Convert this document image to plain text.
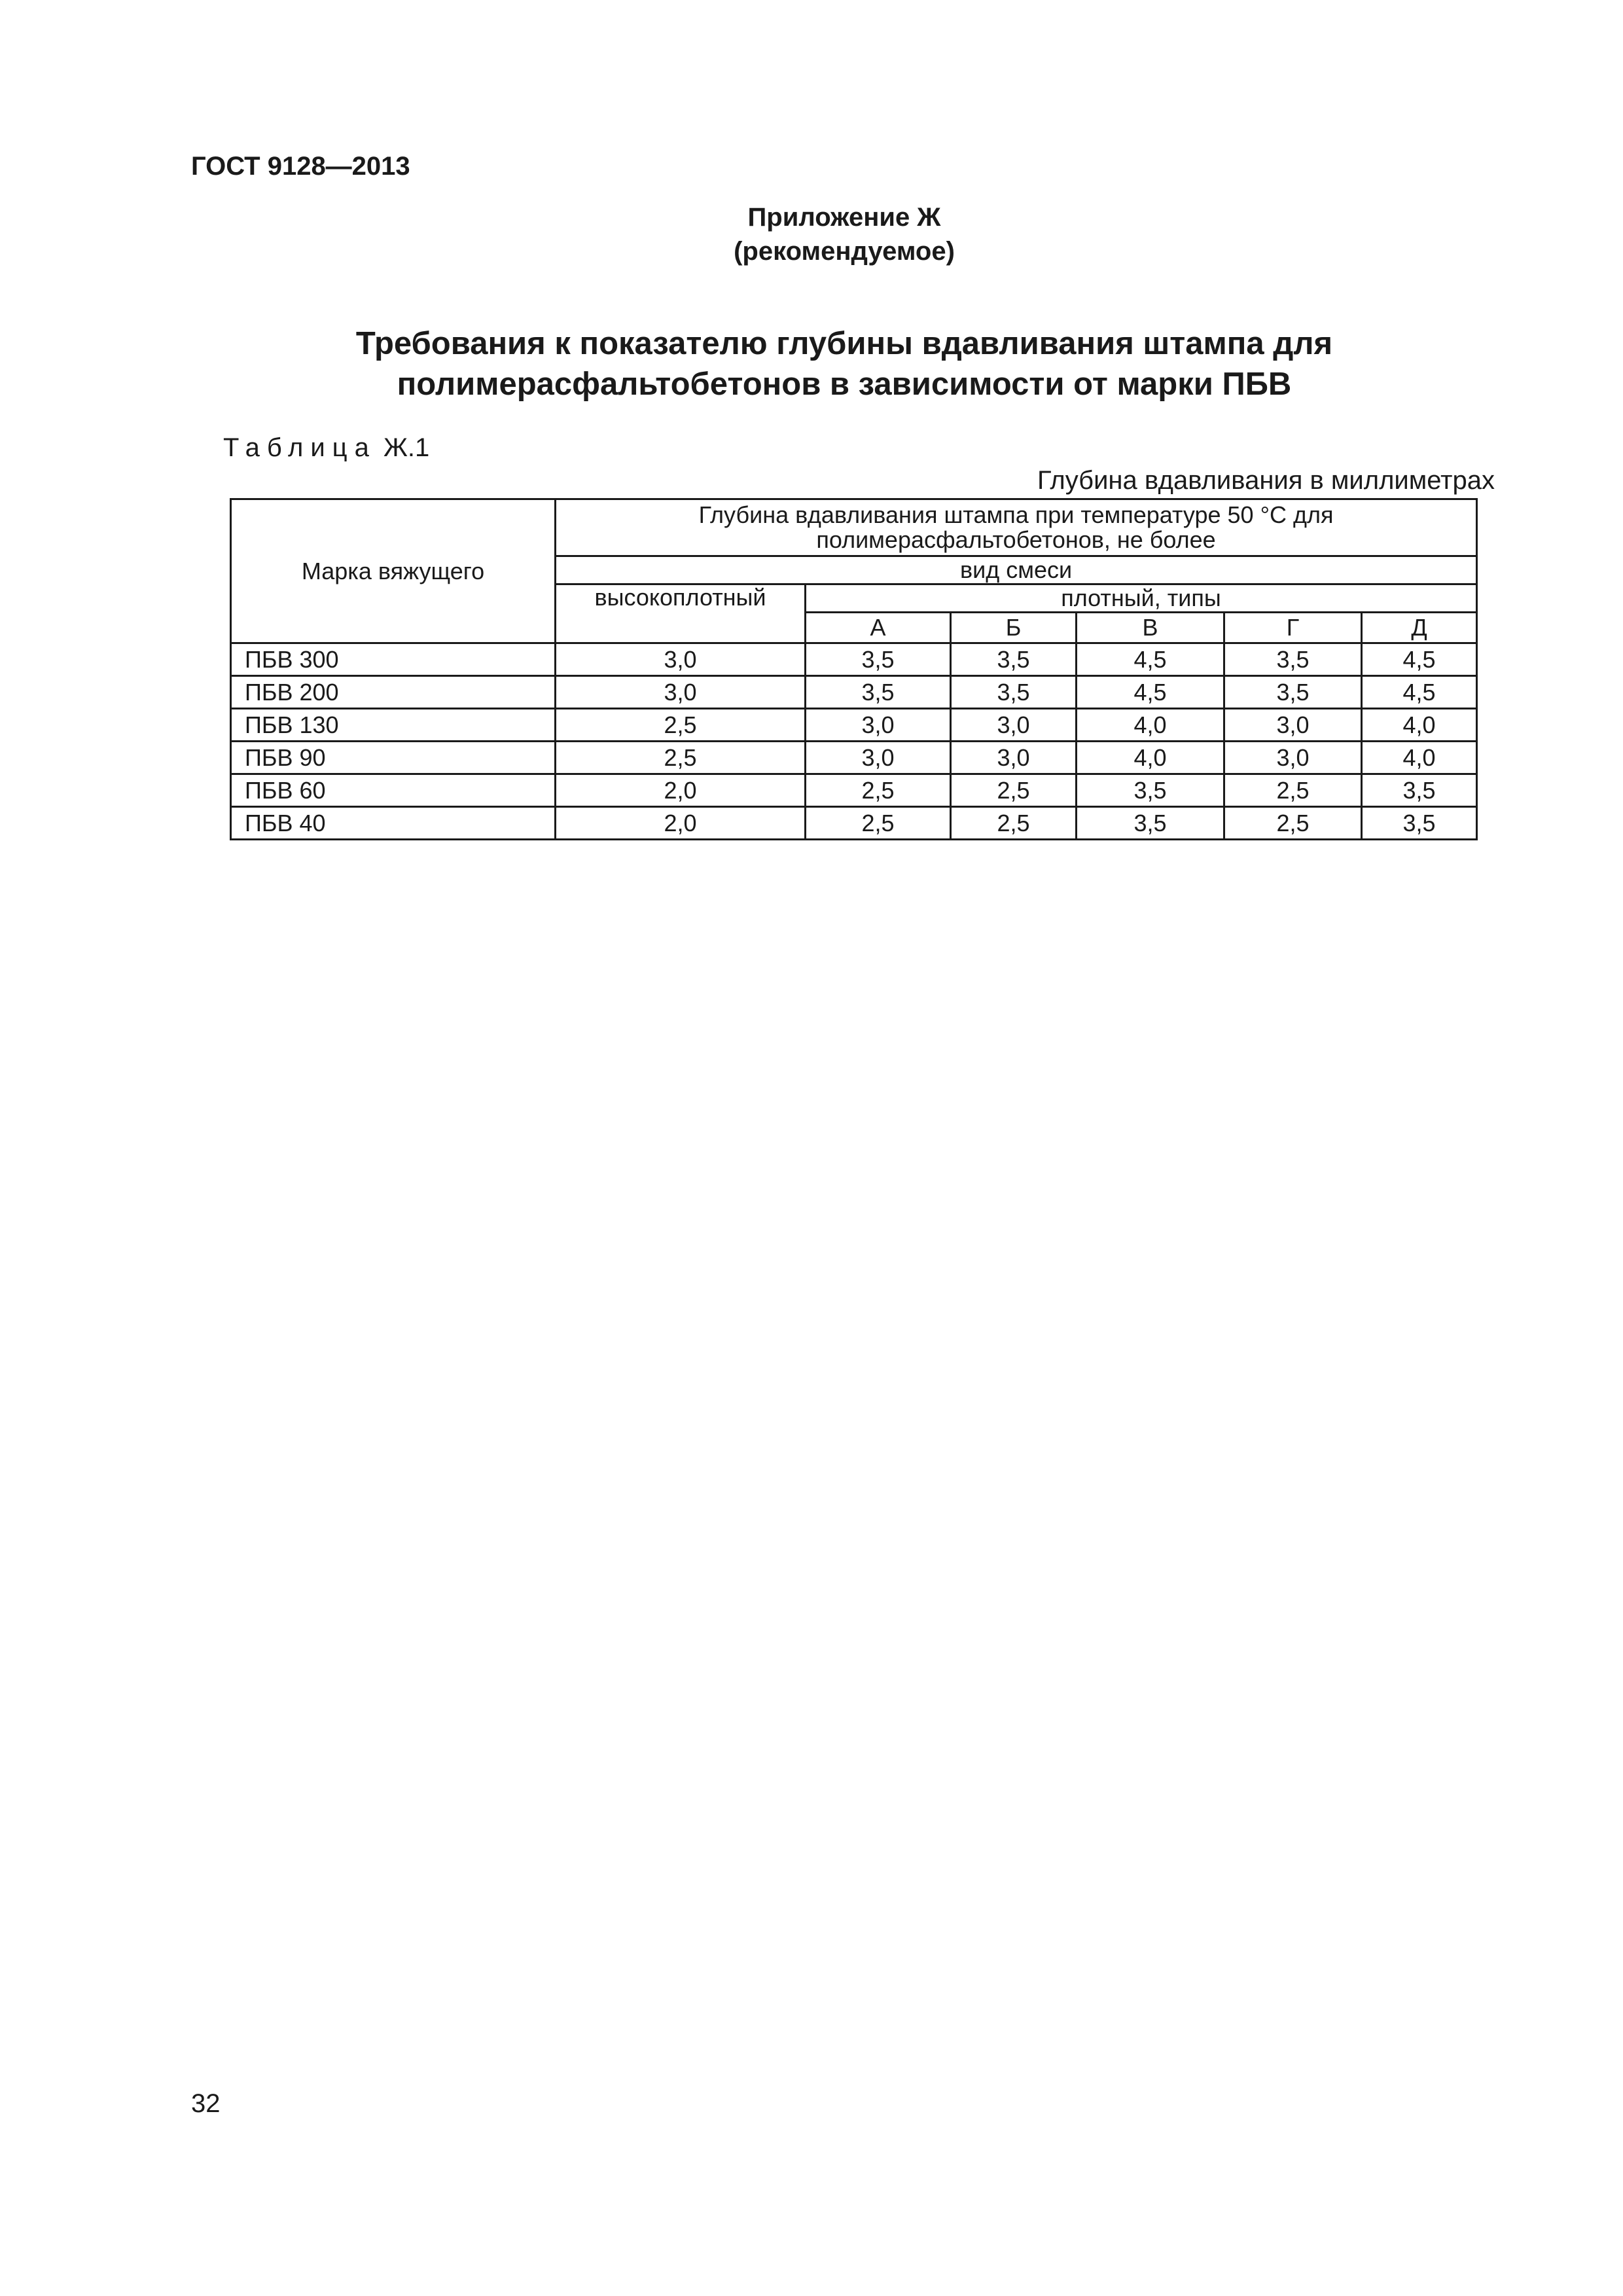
ГОСТ 9128—2013
Приложение Ж
(рекомендуемое)
Требования к показателю глубины вдавливания штампа для
полимерасфальтобетонов в зависимости от марки ПБВ
Таблица Ж.1
Глубина вдавливания в миллиметрах
Марка вяжущего	Глубина вдавливания штампа при температуре 50 °С для
полимерасфальтобетонов, не более					

	вид смеси					
	высокоплотный	плотный, типы				
		А	Б	В	Г	Д
ПБВ 300	3,0	3,5	3,5	4,5	3,5	4,5
ПБВ 200	3,0	3,5	3,5	4,5	3,5	4,5
ПБВ 130	2,5	3,0	3,0	4,0	3,0	4,0
ПБВ 90	2,5	3,0	3,0	4,0	3,0	4,0
ПБВ 60	2,0	2,5	2,5	3,5	2,5	3,5
ПБВ 40	2,0	2,5	2,5	3,5	2,5	3,5
32
